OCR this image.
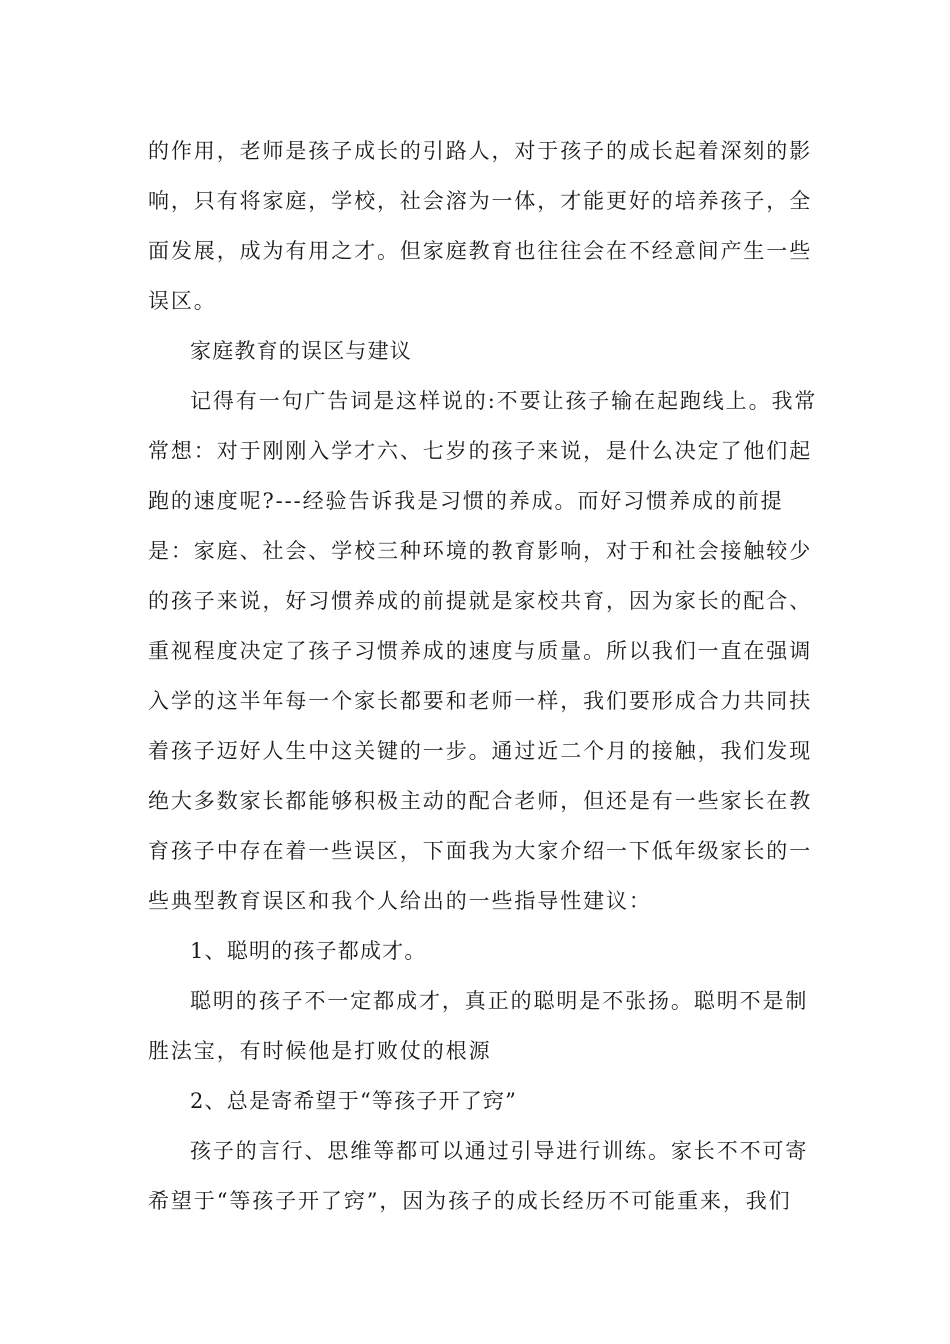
的作用，老师是孩子成长的引路人，对于孩子的成长起着深刻的影
响，只有将家庭，学校，社会溶为一体，才能更好的培养孩子，全
面发展，成为有用之才。但家庭教育也往往会在不经意间产生一些
误区。
家庭教育的误区与建议
记得有一句广告词是这样说的:不要让孩子输在起跑线上。我常
常想：对于刚刚入学才六、七岁的孩子来说，是什么决定了他们起
跑的速度呢?---经验告诉我是习惯的养成。而好习惯养成的前提
是：家庭、社会、学校三种环境的教育影响，对于和社会接触较少
的孩子来说，好习惯养成的前提就是家校共育，因为家长的配合、
重视程度决定了孩子习惯养成的速度与质量。所以我们一直在强调
入学的这半年每一个家长都要和老师一样，我们要形成合力共同扶
着孩子迈好人生中这关键的一步。通过近二个月的接触，我们发现
绝大多数家长都能够积极主动的配合老师，但还是有一些家长在教
育孩子中存在着一些误区，下面我为大家介绍一下低年级家长的一
些典型教育误区和我个人给出的一些指导性建议：
1、聪明的孩子都成才。
聪明的孩子不一定都成才，真正的聪明是不张扬。聪明不是制
胜法宝，有时候他是打败仗的根源
2、总是寄希望于“等孩子开了窍”
孩子的言行、思维等都可以通过引导进行训练。家长不不可寄
希望于“等孩子开了窍”，因为孩子的成长经历不可能重来，我们
